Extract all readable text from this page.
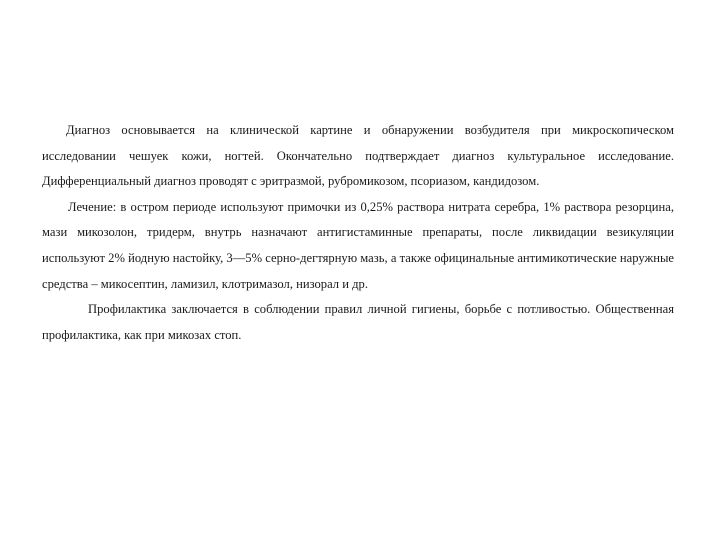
Диагноз основывается на клинической картине и обнаружении возбудителя при микроскопическом исследовании чешуек кожи, ногтей. Окончательно подтверждает диагноз культуральное исследование. Дифференциальный диагноз проводят с эритразмой, рубромикозом, псориазом, кандидозом.

Лечение: в остром периоде используют примочки из 0,25% раствора нитрата серебра, 1% раствора резорцина, мази микозолон, тридерм, внутрь назначают антигистаминные препараты, после ликвидации везикуляции используют 2% йодную настойку, 3—5% серно-дегтярную мазь, а также официнальные антимикотические наружные средства – микосептин, ламизил, клотримазол, низорал и др.

Профилактика заключается в соблюдении правил личной гигиены, борьбе с потливостью. Общественная профилактика, как при микозах стоп.
